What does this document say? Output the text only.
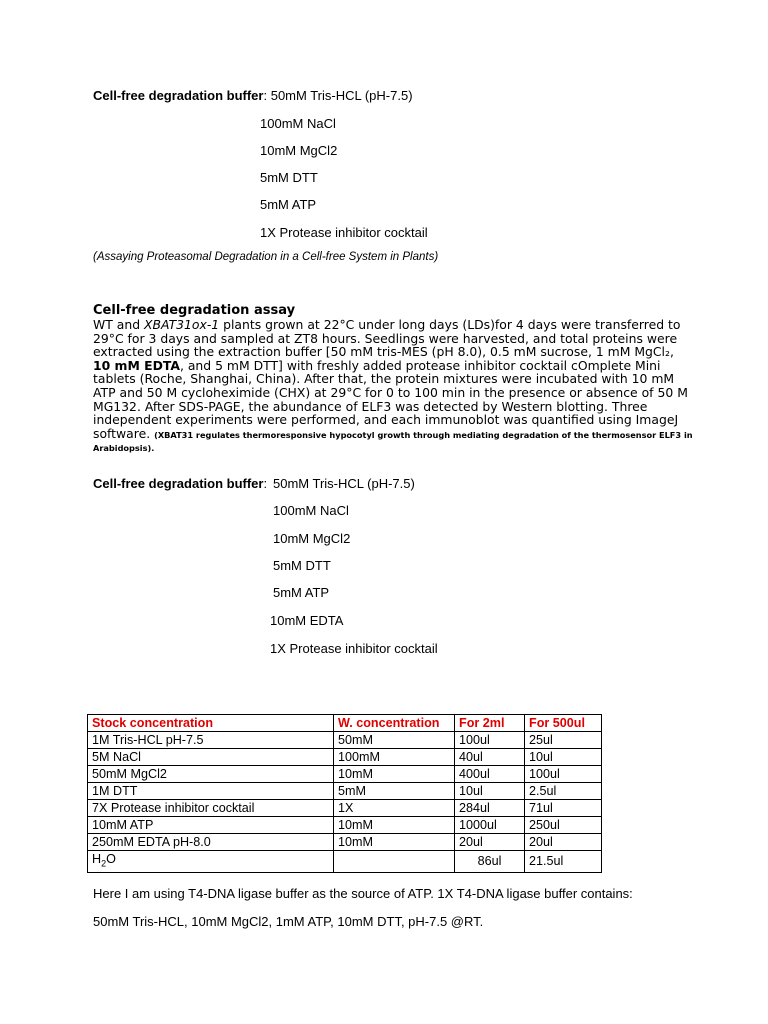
Cell-free degradation buffer: 50mM Tris-HCL (pH-7.5)
100mM NaCl
10mM MgCl2
5mM DTT
5mM ATP
1X Protease inhibitor cocktail
(Assaying Proteasomal Degradation in a Cell-free System in Plants)
Cell-free degradation assay

WT and XBAT31ox-1 plants grown at 22°C under long days (LDs)for 4 days were transferred to 29°C for 3 days and sampled at ZT8 hours. Seedlings were harvested, and total proteins were extracted using the extraction buffer [50 mM tris-MES (pH 8.0), 0.5 mM sucrose, 1 mM MgCl₂, 10 mM EDTA, and 5 mM DTT] with freshly added protease inhibitor cocktail cOmplete Mini tablets (Roche, Shanghai, China). After that, the protein mixtures were incubated with 10 mM ATP and 50 M cycloheximide (CHX) at 29°C for 0 to 100 min in the presence or absence of 50 M MG132. After SDS-PAGE, the abundance of ELF3 was detected by Western blotting. Three independent experiments were performed, and each immunoblot was quantified using ImageJ software. (XBAT31 regulates thermoresponsive hypocotyl growth through mediating degradation of the thermosensor ELF3 in Arabidopsis).

Cell-free degradation buffer: 50mM Tris-HCL (pH-7.5)
100mM NaCl
10mM MgCl2
5mM DTT
5mM ATP
10mM EDTA
1X Protease inhibitor cocktail
Stock concentration	W. concentration	For 2ml	For 500ul
1M Tris-HCL pH-7.5	50mM	100ul	25ul
5M NaCl	100mM	40ul	10ul
50mM MgCl2	10mM	400ul	100ul
1M DTT	5mM	10ul	2.5ul
7X Protease inhibitor cocktail	1X	284ul	71ul
10mM ATP	10mM	1000ul	250ul
250mM EDTA pH-8.0	10mM	20ul	20ul
$H_2O$		86ul	21.5ul
Here I am using T4-DNA ligase buffer as the source of ATP. 1X T4-DNA ligase buffer contains:
50mM Tris-HCL, 10mM MgCl2, 1mM ATP, 10mM DTT, pH-7.5 @RT.
